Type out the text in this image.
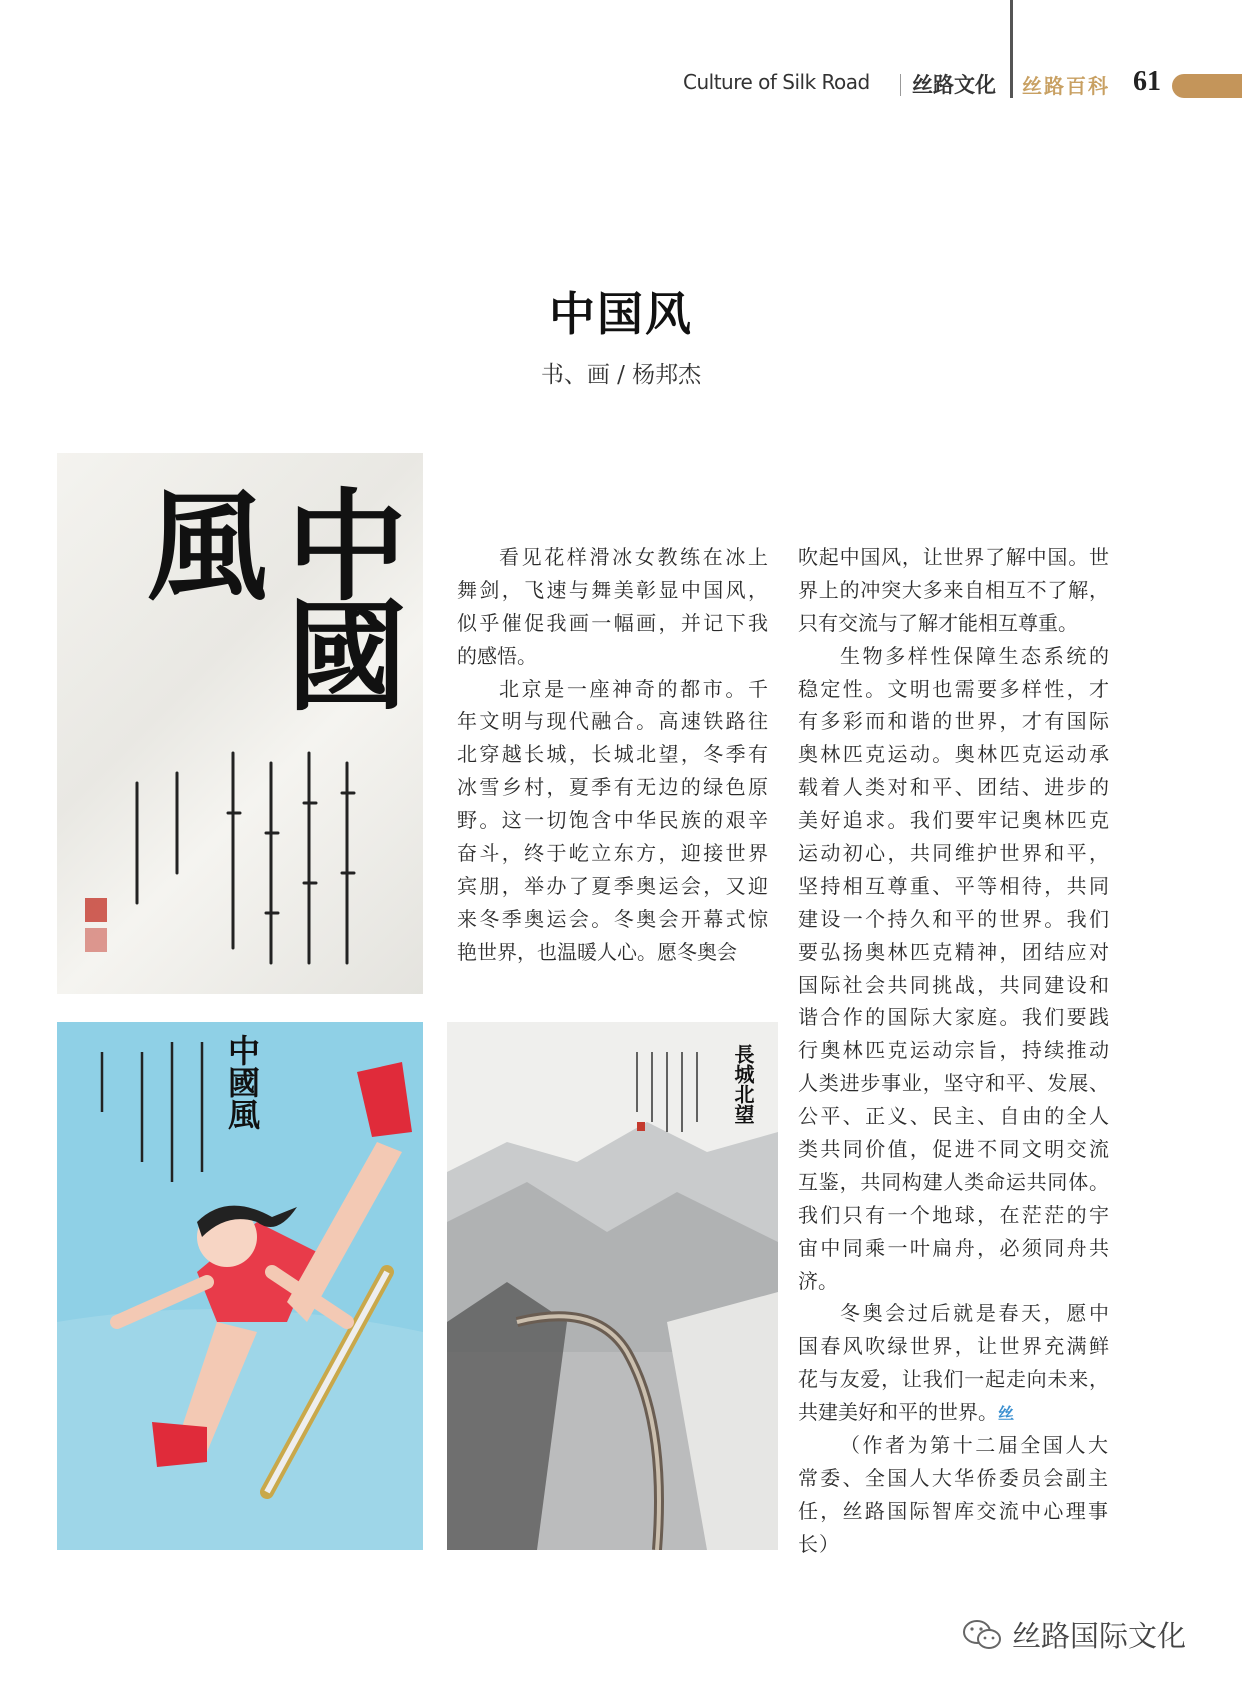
Culture of Silk Road 丝路文化 丝路百科 61
中国风
书、画 / 杨邦杰
中國風
中國風	長城北望
看见花样滑冰女教练在冰上
舞剑，飞速与舞美彰显中国风，
似乎催促我画一幅画，并记下我
的感悟。
北京是一座神奇的都市。千
年文明与现代融合。高速铁路往
北穿越长城，长城北望，冬季有
冰雪乡村，夏季有无边的绿色原
野。这一切饱含中华民族的艰辛
奋斗，终于屹立东方，迎接世界
宾朋，举办了夏季奥运会，又迎
来冬季奥运会。冬奥会开幕式惊
艳世界，也温暖人心。愿冬奥会
吹起中国风，让世界了解中国。世
界上的冲突大多来自相互不了解，
只有交流与了解才能相互尊重。
生物多样性保障生态系统的
稳定性。文明也需要多样性，才
有多彩而和谐的世界，才有国际
奥林匹克运动。奥林匹克运动承
载着人类对和平、团结、进步的
美好追求。我们要牢记奥林匹克
运动初心，共同维护世界和平，
坚持相互尊重、平等相待，共同
建设一个持久和平的世界。我们
要弘扬奥林匹克精神，团结应对
国际社会共同挑战，共同建设和
谐合作的国际大家庭。我们要践
行奥林匹克运动宗旨，持续推动
人类进步事业，坚守和平、发展、
公平、正义、民主、自由的全人
类共同价值，促进不同文明交流
互鉴，共同构建人类命运共同体。
我们只有一个地球，在茫茫的宇
宙中同乘一叶扁舟，必须同舟共
济。
冬奥会过后就是春天，愿中
国春风吹绿世界，让世界充满鲜
花与友爱，让我们一起走向未来，
共建美好和平的世界。丝
（作者为第十二届全国人大
常委、全国人大华侨委员会副主
任，丝路国际智库交流中心理事
长）
丝路国际文化
